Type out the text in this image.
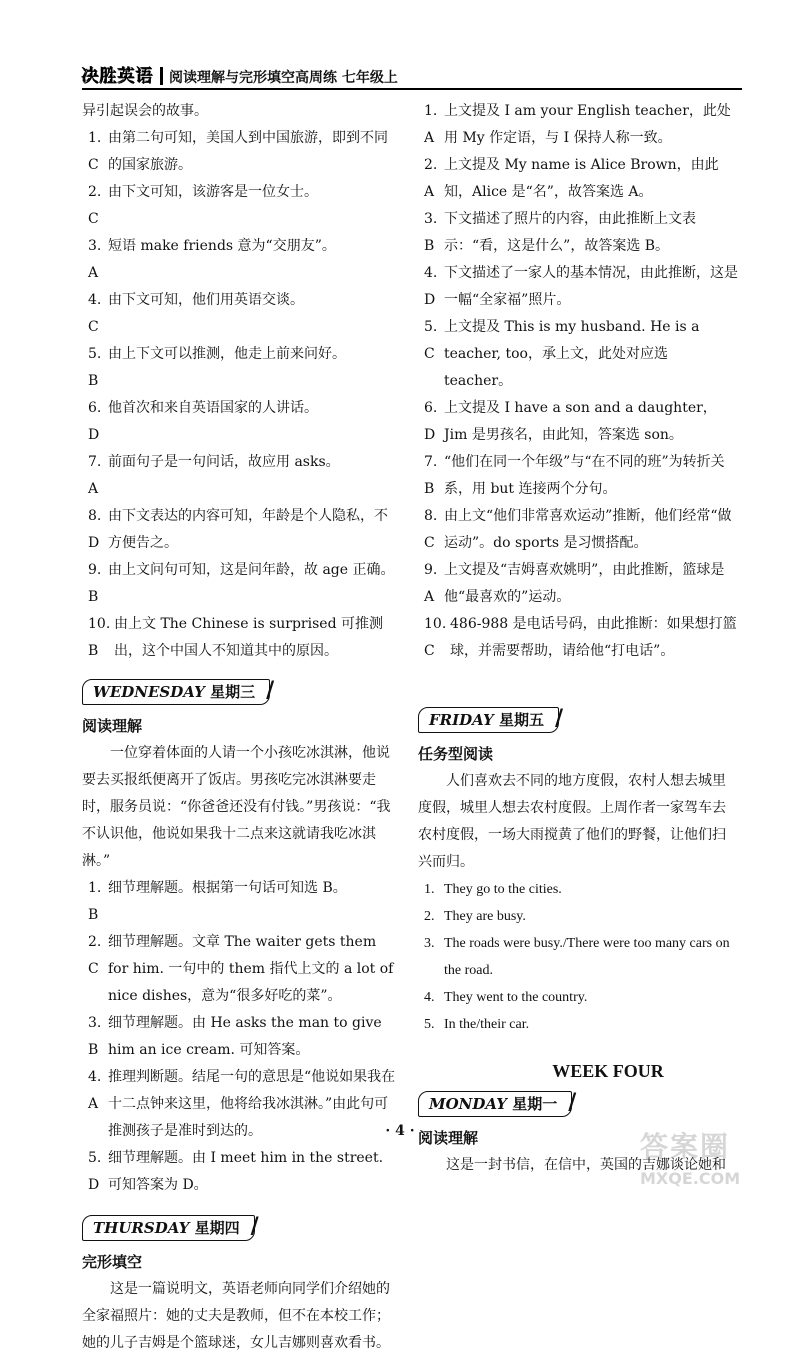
决胜英语 阅读理解与完形填空高周练 七年级上
异引起误会的故事。
1. C
由第二句可知，美国人到中国旅游，即到不同的国家旅游。
2. C
由下文可知，该游客是一位女士。
3. A
短语 make friends 意为“交朋友”。
4. C
由下文可知，他们用英语交谈。
5. B
由上下文可以推测，他走上前来问好。
6. D
他首次和来自英语国家的人讲话。
7. A
前面句子是一句问话，故应用 asks。
8. D
由下文表达的内容可知，年龄是个人隐私，不方便告之。
9. B
由上文问句可知，这是问年龄，故 age 正确。
10. B
由上文 The Chinese is surprised 可推测出，这个中国人不知道其中的原因。
WEDNESDAY 星期三 /
阅读理解
一位穿着体面的人请一个小孩吃冰淇淋，他说要去买报纸便离开了饭店。男孩吃完冰淇淋要走时，服务员说：“你爸爸还没有付钱。”男孩说：“我不认识他，他说如果我十二点来这就请我吃冰淇淋。”
1. B
细节理解题。根据第一句话可知选 B。
2. C
细节理解题。文章 The waiter gets them for him. 一句中的 them 指代上文的 a lot of nice dishes，意为“很多好吃的菜”。
3. B
细节理解题。由 He asks the man to give him an ice cream. 可知答案。
4. A
推理判断题。结尾一句的意思是“他说如果我在十二点钟来这里，他将给我冰淇淋。”由此句可推测孩子是准时到达的。
5. D
细节理解题。由 I meet him in the street. 可知答案为 D。
THURSDAY 星期四 /
完形填空
这是一篇说明文，英语老师向同学们介绍她的全家福照片：她的丈夫是教师，但不在本校工作；她的儿子吉姆是个篮球迷，女儿吉娜则喜欢看书。
1. A
上文提及 I am your English teacher，此处用 My 作定语，与 I 保持人称一致。
2. A
上文提及 My name is Alice Brown，由此知，Alice 是“名”，故答案选 A。
3. B
下文描述了照片的内容，由此推断上文表示：“看，这是什么”，故答案选 B。
4. D
下文描述了一家人的基本情况，由此推断，这是一幅“全家福”照片。
5. C
上文提及 This is my husband. He is a teacher, too，承上文，此处对应选 teacher。
6. D
上文提及 I have a son and a daughter，Jim 是男孩名，由此知，答案选 son。
7. B
“他们在同一个年级”与“在不同的班”为转折关系，用 but 连接两个分句。
8. C
由上文“他们非常喜欢运动”推断，他们经常“做运动”。do sports 是习惯搭配。
9. A
上文提及“吉姆喜欢姚明”，由此推断，篮球是他“最喜欢的”运动。
10. C
486-988 是电话号码，由此推断：如果想打篮球，并需要帮助，请给他“打电话”。
FRIDAY 星期五 /
任务型阅读
人们喜欢去不同的地方度假，农村人想去城里度假，城里人想去农村度假。上周作者一家驾车去农村度假，一场大雨搅黄了他们的野餐，让他们扫兴而归。
1. They go to the cities.
2. They are busy.
3. The roads were busy./There were too many cars on the road.
4. They went to the country.
5. In the/their car.
WEEK FOUR
MONDAY 星期一 /
阅读理解
这是一封书信，在信中，英国的吉娜谈论她和
· 4 ·	答案圈
MXQE.COM
